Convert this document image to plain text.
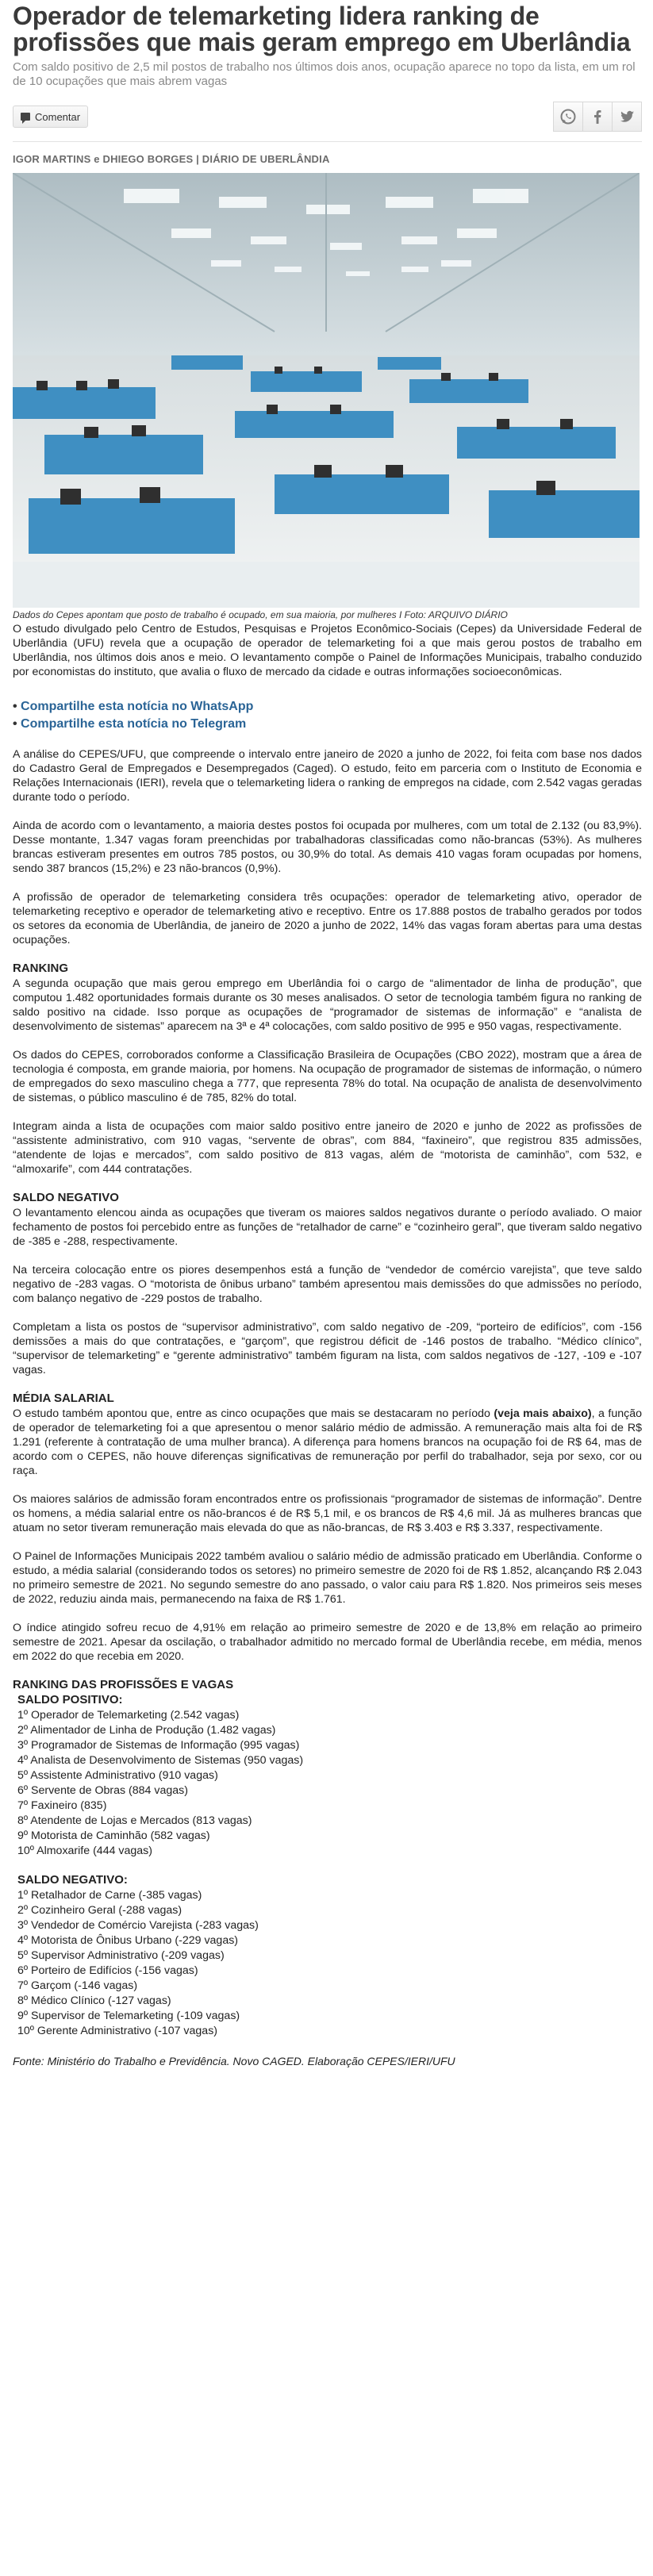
Operador de telemarketing lidera ranking de profissões que mais geram emprego em Uberlândia
Com saldo positivo de 2,5 mil postos de trabalho nos últimos dois anos, ocupação aparece no topo da lista, em um rol de 10 ocupações que mais abrem vagas
Comentar
IGOR MARTINS e DHIEGO BORGES | DIÁRIO DE UBERLÂNDIA
Dados do Cepes apontam que posto de trabalho é ocupado, em sua maioria, por mulheres I Foto: ARQUIVO DIÁRIO

O estudo divulgado pelo Centro de Estudos, Pesquisas e Projetos Econômico-Sociais (Cepes) da Universidade Federal de Uberlândia (UFU) revela que a ocupação de operador de telemarketing foi a que mais gerou postos de trabalho em Uberlândia, nos últimos dois anos e meio. O levantamento compõe o Painel de Informações Municipais, trabalho conduzido por economistas do instituto, que avalia o fluxo de mercado da cidade e outras informações socioeconômicas.

• Compartilhe esta notícia no WhatsApp
• Compartilhe esta notícia no Telegram

A análise do CEPES/UFU, que compreende o intervalo entre janeiro de 2020 a junho de 2022, foi feita com base nos dados do Cadastro Geral de Empregados e Desempregados (Caged). O estudo, feito em parceria com o Instituto de Economia e Relações Internacionais (IERI), revela que o telemarketing lidera o ranking de empregos na cidade, com 2.542 vagas geradas durante todo o período.

Ainda de acordo com o levantamento, a maioria destes postos foi ocupada por mulheres, com um total de 2.132 (ou 83,9%). Desse montante, 1.347 vagas foram preenchidas por trabalhadoras classificadas como não-brancas (53%). As mulheres brancas estiveram presentes em outros 785 postos, ou 30,9% do total. As demais 410 vagas foram ocupadas por homens, sendo 387 brancos (15,2%) e 23 não-brancos (0,9%).

A profissão de operador de telemarketing considera três ocupações: operador de telemarketing ativo, operador de telemarketing receptivo e operador de telemarketing ativo e receptivo. Entre os 17.888 postos de trabalho gerados por todos os setores da economia de Uberlândia, de janeiro de 2020 a junho de 2022, 14% das vagas foram abertas para uma destas ocupações.

RANKING

A segunda ocupação que mais gerou emprego em Uberlândia foi o cargo de “alimentador de linha de produção”, que computou 1.482 oportunidades formais durante os 30 meses analisados. O setor de tecnologia também figura no ranking de saldo positivo na cidade. Isso porque as ocupações de “programador de sistemas de informação” e “analista de desenvolvimento de sistemas” aparecem na 3ª e 4ª colocações, com saldo positivo de 995 e 950 vagas, respectivamente.

Os dados do CEPES, corroborados conforme a Classificação Brasileira de Ocupações (CBO 2022), mostram que a área de tecnologia é composta, em grande maioria, por homens. Na ocupação de programador de sistemas de informação, o número de empregados do sexo masculino chega a 777, que representa 78% do total. Na ocupação de analista de desenvolvimento de sistemas, o público masculino é de 785, 82% do total.

Integram ainda a lista de ocupações com maior saldo positivo entre janeiro de 2020 e junho de 2022 as profissões de “assistente administrativo, com 910 vagas, “servente de obras”, com 884, “faxineiro”, que registrou 835 admissões, “atendente de lojas e mercados”, com saldo positivo de 813 vagas, além de “motorista de caminhão”, com 532, e “almoxarife”, com 444 contratações.

SALDO NEGATIVO

O levantamento elencou ainda as ocupações que tiveram os maiores saldos negativos durante o período avaliado. O maior fechamento de postos foi percebido entre as funções de “retalhador de carne” e “cozinheiro geral”, que tiveram saldo negativo de -385 e -288, respectivamente.

Na terceira colocação entre os piores desempenhos está a função de “vendedor de comércio varejista”, que teve saldo negativo de -283 vagas. O “motorista de ônibus urbano” também apresentou mais demissões do que admissões no período, com balanço negativo de -229 postos de trabalho.

Completam a lista os postos de “supervisor administrativo”, com saldo negativo de -209, “porteiro de edifícios”, com -156 demissões a mais do que contratações, e “garçom”, que registrou déficit de -146 postos de trabalho. “Médico clínico”, “supervisor de telemarketing” e “gerente administrativo” também figuram na lista, com saldos negativos de -127, -109 e -107 vagas.

MÉDIA SALARIAL

O estudo também apontou que, entre as cinco ocupações que mais se destacaram no período (veja mais abaixo), a função de operador de telemarketing foi a que apresentou o menor salário médio de admissão. A remuneração mais alta foi de R$ 1.291 (referente à contratação de uma mulher branca). A diferença para homens brancos na ocupação foi de R$ 64, mas de acordo com o CEPES, não houve diferenças significativas de remuneração por perfil do trabalhador, seja por sexo, cor ou raça.

Os maiores salários de admissão foram encontrados entre os profissionais “programador de sistemas de informação”. Dentre os homens, a média salarial entre os não-brancos é de R$ 5,1 mil, e os brancos de R$ 4,6 mil. Já as mulheres brancas que atuam no setor tiveram remuneração mais elevada do que as não-brancas, de R$ 3.403 e R$ 3.337, respectivamente.

O Painel de Informações Municipais 2022 também avaliou o salário médio de admissão praticado em Uberlândia. Conforme o estudo, a média salarial (considerando todos os setores) no primeiro semestre de 2020 foi de R$ 1.852, alcançando R$ 2.043 no primeiro semestre de 2021. No segundo semestre do ano passado, o valor caiu para R$ 1.820. Nos primeiros seis meses de 2022, reduziu ainda mais, permanecendo na faixa de R$ 1.761.

O índice atingido sofreu recuo de 4,91% em relação ao primeiro semestre de 2020 e de 13,8% em relação ao primeiro semestre de 2021. Apesar da oscilação, o trabalhador admitido no mercado formal de Uberlândia recebe, em média, menos em 2022 do que recebia em 2020.

RANKING DAS PROFISSÕES E VAGAS
SALDO POSITIVO:
1º Operador de Telemarketing (2.542 vagas)
2º Alimentador de Linha de Produção (1.482 vagas)
3º Programador de Sistemas de Informação (995 vagas)
4º Analista de Desenvolvimento de Sistemas (950 vagas)
5º Assistente Administrativo (910 vagas)
6º Servente de Obras (884 vagas)
7º Faxineiro (835)
8º Atendente de Lojas e Mercados (813 vagas)
9º Motorista de Caminhão (582 vagas)
10º Almoxarife (444 vagas)
SALDO NEGATIVO:
1º Retalhador de Carne (-385 vagas)
2º Cozinheiro Geral (-288 vagas)
3º Vendedor de Comércio Varejista (-283 vagas)
4º Motorista de Ônibus Urbano (-229 vagas)
5º Supervisor Administrativo (-209 vagas)
6º Porteiro de Edifícios (-156 vagas)
7º Garçom (-146 vagas)
8º Médico Clínico (-127 vagas)
9º Supervisor de Telemarketing (-109 vagas)
10º Gerente Administrativo (-107 vagas)
Fonte: Ministério do Trabalho e Previdência. Novo CAGED. Elaboração CEPES/IERI/UFU
